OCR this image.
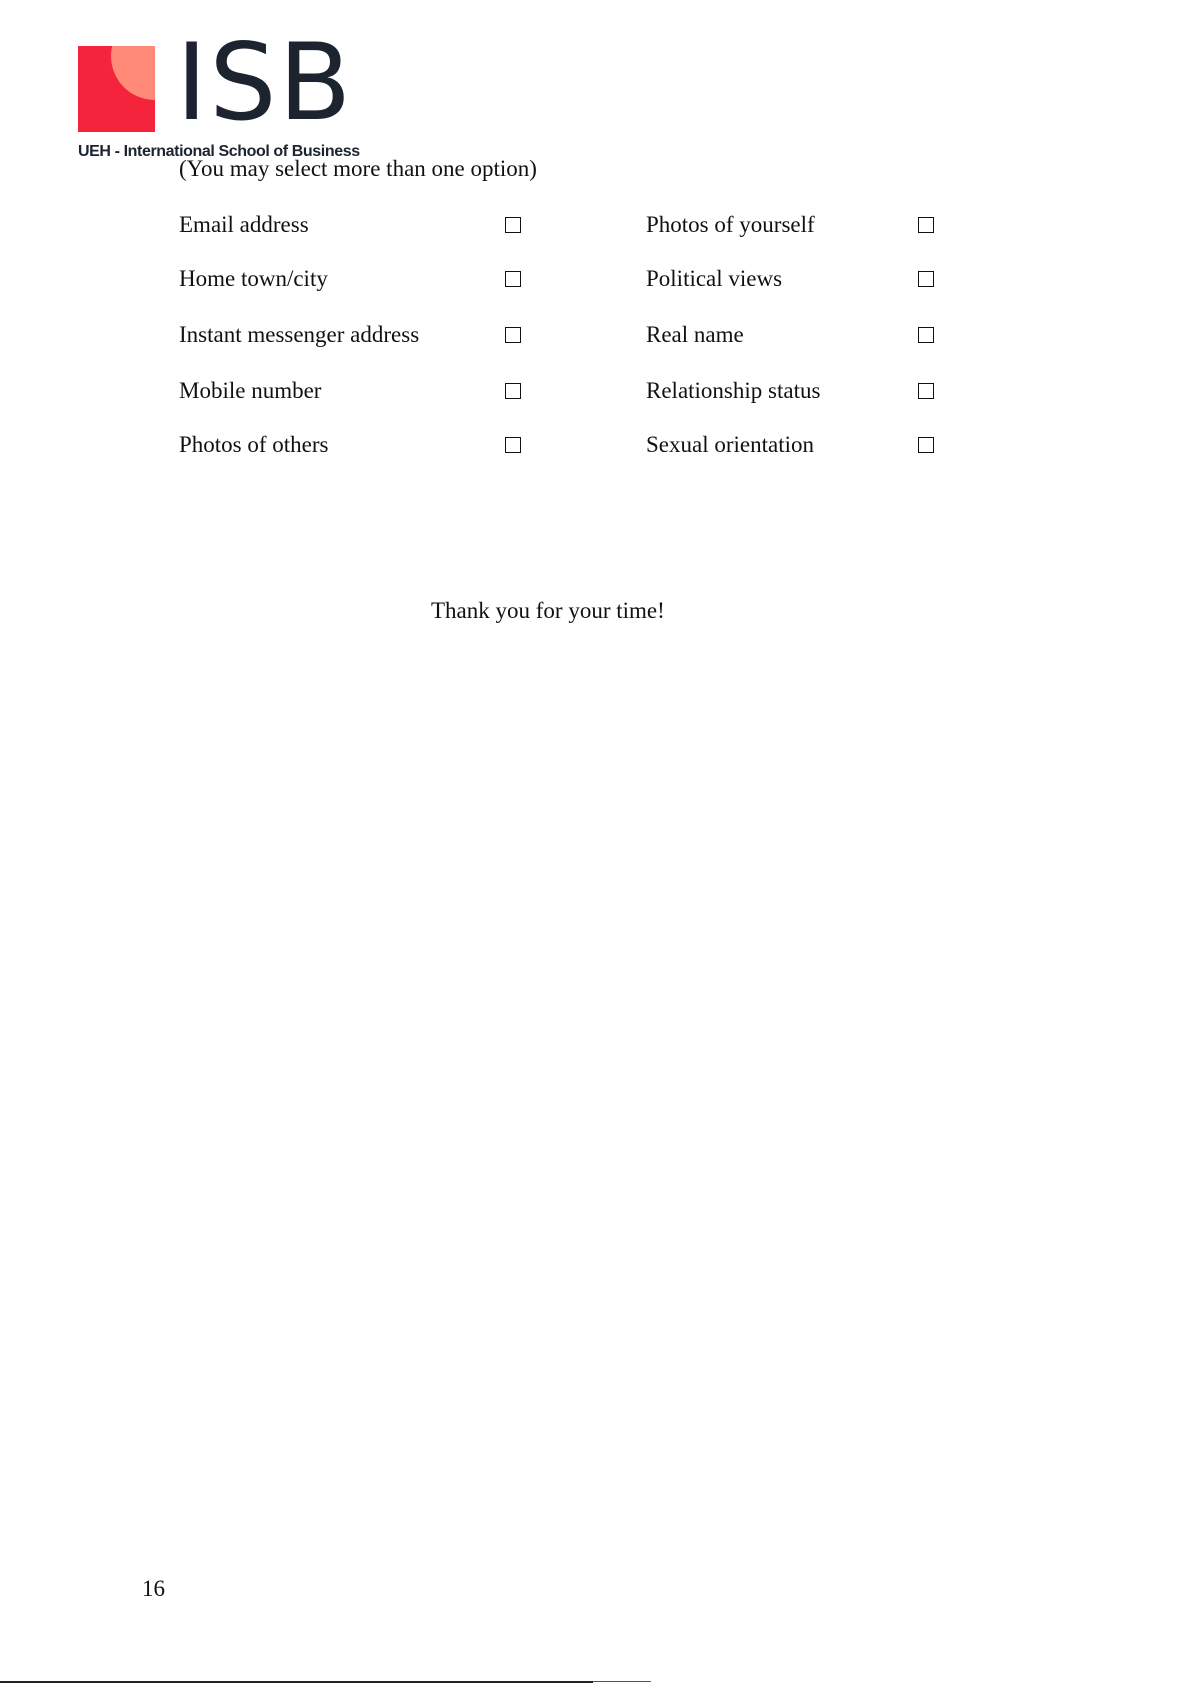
ISB
UEH - International School of Business
(You may select more than one option)
Email address
Home town/city
Instant messenger address
Mobile number
Photos of others
Photos of yourself
Political views
Real name
Relationship status
Sexual orientation
Thank you for your time!
16
